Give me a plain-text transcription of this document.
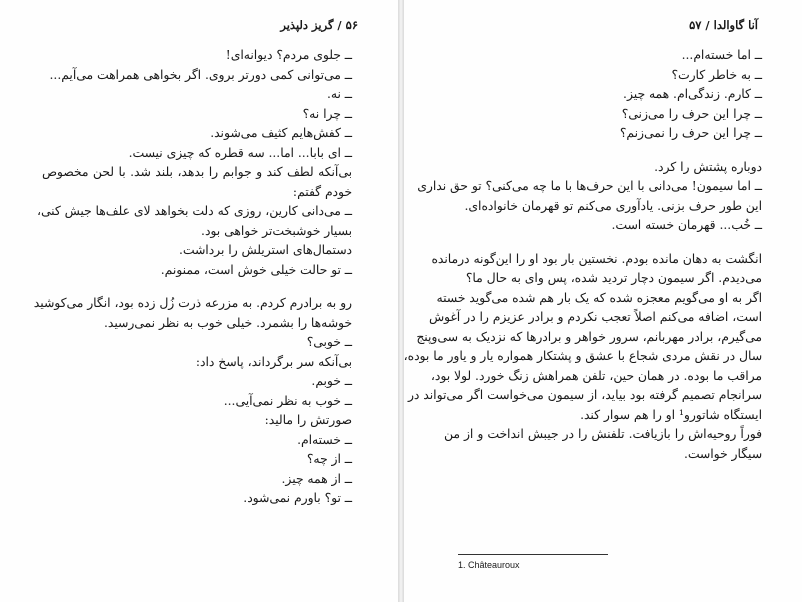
۵۶ / گریز دلپذیر
ــ جلوی مردم؟ دیوانه‌ای!
ــ می‌توانی کمی دورتر بروی. اگر بخواهی همراهت می‌آیم...
ــ نه.
ــ چرا نه؟
ــ کفش‌هایم کثیف می‌شوند.
ــ ای بابا... اما... سه قطره که چیزی نیست.
بی‌آنکه لطف کند و جوابم را بدهد، بلند شد. با لحن مخصوص
خودم گفتم:
ــ می‌دانی کارین، روزی که دلت بخواهد لای علف‌ها جیش کنی،
بسیار خوشبخت‌تر خواهی بود.
دستمال‌های استریلش را برداشت.
ــ تو حالت خیلی خوش است، ممنونم.
رو به برادرم کردم. به مزرعه ذرت زُل زده بود، انگار می‌کوشید
خوشه‌ها را بشمرد. خیلی خوب به نظر نمی‌رسید.
ــ خوبی؟
بی‌آنکه سر برگرداند، پاسخ داد:
ــ خوبم.
ــ خوب به نظر نمی‌آیی...
صورتش را مالید:
ــ خسته‌ام.
ــ از چه؟
ــ از همه چیز.
ــ تو؟ باورم نمی‌شود.
آنا گاوالدا / ۵۷
ــ اما خسته‌ام...
ــ به خاطر کارت؟
ــ کارم. زندگی‌ام. همه چیز.
ــ چرا این حرف را می‌زنی؟
ــ چرا این حرف را نمی‌زنم؟
دوباره پشتش را کرد.
ــ اما سیمون! می‌دانی با این حرف‌ها با ما چه می‌کنی؟ تو حق نداری
این طور حرف بزنی. یادآوری می‌کنم تو قهرمان خانواده‌ای.
ــ خُب... قهرمان خسته است.
انگشت به دهان مانده بودم. نخستین بار بود او را این‌گونه درمانده
می‌دیدم. اگر سیمون دچار تردید شده، پس وای به حال ما؟
اگر به او می‌گویم معجزه شده که یک بار هم شده می‌گوید خسته
است، اضافه می‌کنم اصلاً تعجب نکردم و برادر عزیزم را در آغوش
می‌گیرم، برادر مهربانم، سرور خواهر و برادرها که نزدیک به سی‌وپنج
سال در نقش مردی شجاع با عشق و پشتکار همواره یار و یاور ما بوده،
مراقب ما بوده. در همان حین، تلفن همراهش زنگ خورد. لولا بود،
سرانجام تصمیم گرفته بود بیاید، از سیمون می‌خواست اگر می‌تواند در
ایستگاه شاتورو¹ او را هم سوار کند.
فوراً روحیه‌اش را بازیافت. تلفنش را در جیبش انداخت و از من
سیگار خواست.
1. Châteauroux
